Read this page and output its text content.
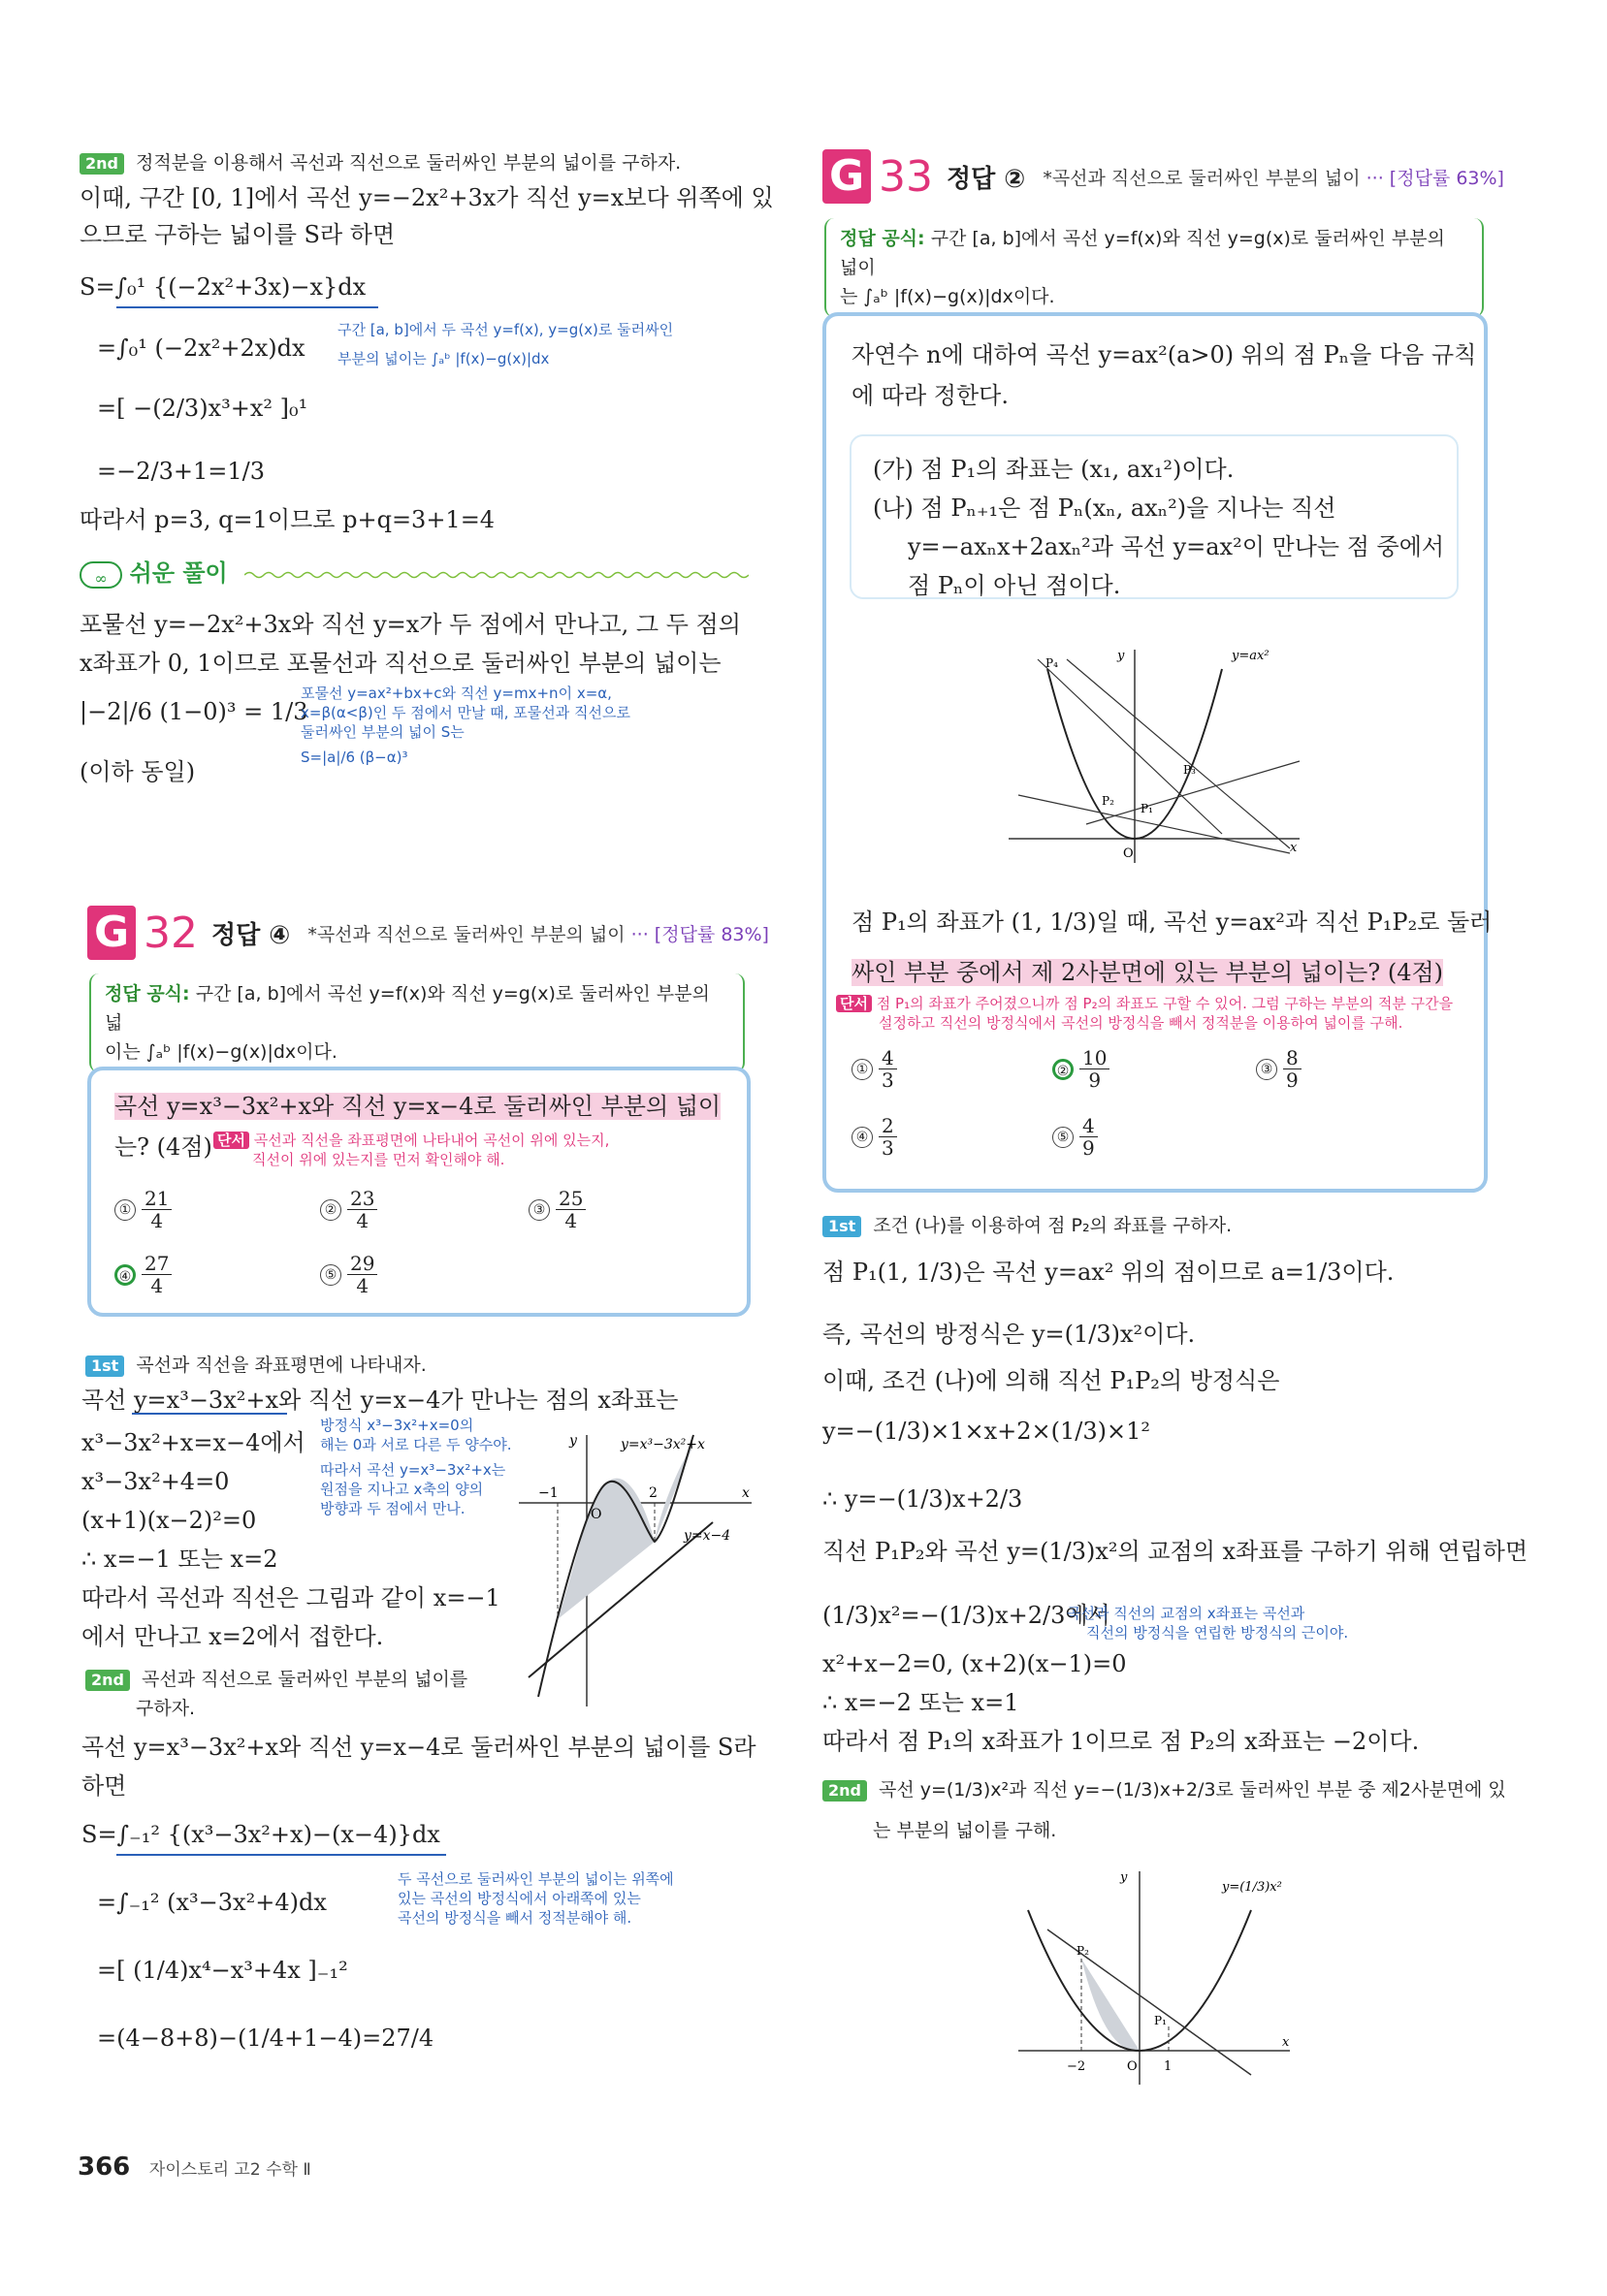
2nd 정적분을 이용해서 곡선과 직선으로 둘러싸인 부분의 넓이를 구하자.
이때, 구간 [0, 1]에서 곡선 y=−2x²+3x가 직선 y=x보다 위쪽에 있
으므로 구하는 넓이를 S라 하면
S=∫₀¹ {(−2x²+3x)−x}dx
=∫₀¹ (−2x²+2x)dx
구간 [a, b]에서 두 곡선 y=f(x), y=g(x)로 둘러싸인
부분의 넓이는 ∫ₐᵇ |f(x)−g(x)|dx
=[ −(2/3)x³+x² ]₀¹
=−2/3+1=1/3
따라서 p=3, q=1이므로 p+q=3+1=4
∞ 쉬운 풀이
포물선 y=−2x²+3x와 직선 y=x가 두 점에서 만나고, 그 두 점의
x좌표가 0, 1이므로 포물선과 직선으로 둘러싸인 부분의 넓이는
|−2|/6 (1−0)³ = 1/3
(이하 동일)
포물선 y=ax²+bx+c와 직선 y=mx+n이 x=α,
x=β(α<β)인 두 점에서 만날 때, 포물선과 직선으로
둘러싸인 부분의 넓이 S는
S=|a|/6 (β−α)³
G 32 정답 ④ *곡선과 직선으로 둘러싸인 부분의 넓이 ··· [정답률 83%]
정답 공식: 구간 [a, b]에서 곡선 y=f(x)와 직선 y=g(x)로 둘러싸인 부분의 넓
이는 ∫ₐᵇ |f(x)−g(x)|dx이다.
곡선 y=x³−3x²+x와 직선 y=x−4로 둘러싸인 부분의 넓이
는? (4점) 단서 곡선과 직선을 좌표평면에 나타내어 곡선이 위에 있는지,
직선이 위에 있는지를 먼저 확인해야 해.
① $\frac{21}{4}$	② $\frac{23}{4}$	③ $\frac{25}{4}$
④ $\frac{27}{4}$	⑤ $\frac{29}{4}$
1st 곡선과 직선을 좌표평면에 나타내자.
곡선 y=x³−3x²+x와 직선 y=x−4가 만나는 점의 x좌표는
x³−3x²+x=x−4에서
x³−3x²+4=0
(x+1)(x−2)²=0
∴ x=−1 또는 x=2
따라서 곡선과 직선은 그림과 같이 x=−1
에서 만나고 x=2에서 접한다.
방정식 x³−3x²+x=0의
해는 0과 서로 다른 두 양수야.
따라서 곡선 y=x³−3x²+x는
원점을 지나고 x축의 양의
방향과 두 점에서 만나.
y
x
O
−1	2
y=x³−3x²+x
y=x−4
2nd 곡선과 직선으로 둘러싸인 부분의 넓이를
구하자.
곡선 y=x³−3x²+x와 직선 y=x−4로 둘러싸인 부분의 넓이를 S라
하면
S=∫₋₁² {(x³−3x²+x)−(x−4)}dx
=∫₋₁² (x³−3x²+4)dx
두 곡선으로 둘러싸인 부분의 넓이는 위쪽에
있는 곡선의 방정식에서 아래쪽에 있는
곡선의 방정식을 빼서 정적분해야 해.
=[ (1/4)x⁴−x³+4x ]₋₁²
=(4−8+8)−(1/4+1−4)=27/4
G 33 정답 ② *곡선과 직선으로 둘러싸인 부분의 넓이 ··· [정답률 63%]
정답 공식: 구간 [a, b]에서 곡선 y=f(x)와 직선 y=g(x)로 둘러싸인 부분의 넓이
는 ∫ₐᵇ |f(x)−g(x)|dx이다.
자연수 n에 대하여 곡선 y=ax²(a>0) 위의 점 Pₙ을 다음 규칙
에 따라 정한다.
(가) 점 P₁의 좌표는 (x₁, ax₁²)이다.
(나) 점 Pₙ₊₁은 점 Pₙ(xₙ, axₙ²)을 지나는 직선
y=−axₙx+2axₙ²과 곡선 y=ax²이 만나는 점 중에서
점 Pₙ이 아닌 점이다.
y
x
O
y=ax²
P₄
P₃
P₂
P₁
점 P₁의 좌표가 (1, 1/3)일 때, 곡선 y=ax²과 직선 P₁P₂로 둘러
싸인 부분 중에서 제 2사분면에 있는 부분의 넓이는? (4점)
단서 점 P₁의 좌표가 주어졌으니까 점 P₂의 좌표도 구할 수 있어. 그럼 구하는 부분의 적분 구간을
설정하고 직선의 방정식에서 곡선의 방정식을 빼서 정적분을 이용하여 넓이를 구해.
① $\frac{4}{3}$	② $\frac{10}{9}$	③ $\frac{8}{9}$
④ $\frac{2}{3}$	⑤ $\frac{4}{9}$
1st 조건 (나)를 이용하여 점 P₂의 좌표를 구하자.
점 P₁(1, 1/3)은 곡선 y=ax² 위의 점이므로 a=1/3이다.
즉, 곡선의 방정식은 y=(1/3)x²이다.
이때, 조건 (나)에 의해 직선 P₁P₂의 방정식은
y=−(1/3)×1×x+2×(1/3)×1²
∴ y=−(1/3)x+2/3
직선 P₁P₂와 곡선 y=(1/3)x²의 교점의 x좌표를 구하기 위해 연립하면
(1/3)x²=−(1/3)x+2/3에서
곡선과 직선의 교점의 x좌표는 곡선과
직선의 방정식을 연립한 방정식의 근이야.
x²+x−2=0, (x+2)(x−1)=0
∴ x=−2 또는 x=1
따라서 점 P₁의 x좌표가 1이므로 점 P₂의 x좌표는 −2이다.
2nd 곡선 y=(1/3)x²과 직선 y=−(1/3)x+2/3로 둘러싸인 부분 중 제2사분면에 있
는 부분의 넓이를 구해.
y
x
O
−2	1
P₂
P₁
y=(1/3)x²
366 자이스토리 고2 수학 Ⅱ
